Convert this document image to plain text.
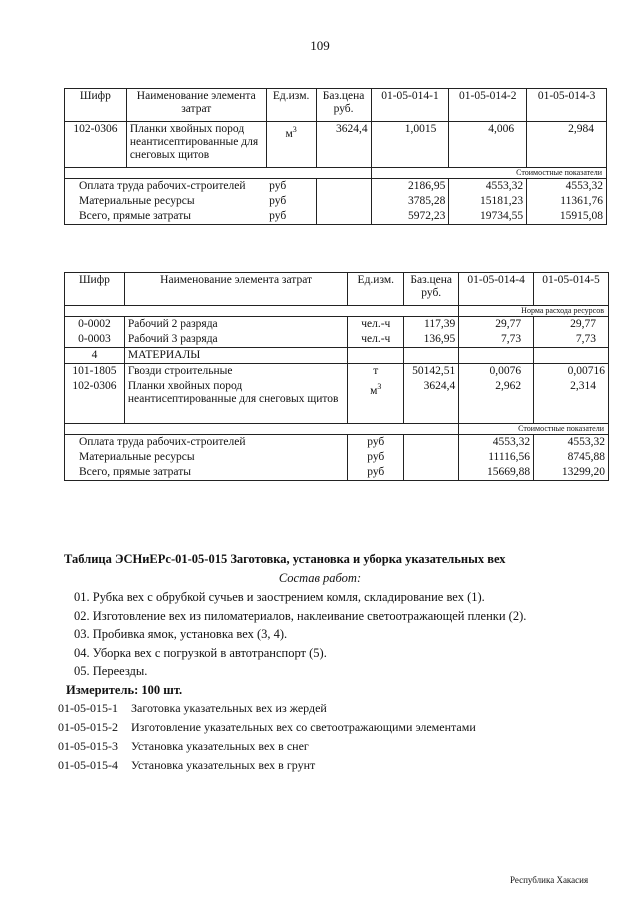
109
Шифр	Наименование элемента затрат	Ед.изм.	Баз.цена руб.	01-05-014-1	01-05-014-2	01-05-014-3
102-0306	Планки хвойных пород неантисептированные для снеговых щитов	$м^3$	3624,4	1,0015	4,006	2,984
				Стоимостные показатели		
Оплата труда рабочих-строителей		руб		2186,95	4553,32	4553,32
Материальные ресурсы		руб		3785,28	15181,23	11361,76
Всего, прямые затраты		руб		5972,23	19734,55	15915,08
Шифр	Наименование элемента затрат	Ед.изм.	Баз.цена руб.	01-05-014-4	01-05-014-5
				Норма расхода ресурсов	
0-0002	Рабочий 2 разряда	чел.-ч	117,39	29,77	29,77
0-0003	Рабочий 3 разряда	чел.-ч	136,95	7,73	7,73
4	МАТЕРИАЛЫ				
101-1805	Гвозди строительные	т	50142,51	0,0076	0,00716
102-0306	Планки хвойных пород неантисептированные для снеговых щитов	$м^3$	3624,4	2,962	2,314
				Стоимостные показатели	
Оплата труда рабочих-строителей		руб		4553,32	4553,32
Материальные ресурсы		руб		11116,56	8745,88
Всего, прямые затраты		руб		15669,88	13299,20
Таблица ЭСНиЕРс-01-05-015 Заготовка, установка и уборка указательных вех
Состав работ:
01. Рубка вех с обрубкой сучьев и заострением комля, складирование вех (1).
02. Изготовление вех из пиломатериалов, наклеивание светоотражающей пленки (2).
03. Пробивка ямок, установка вех (3, 4).
04. Уборка вех с погрузкой в автотранспорт (5).
05. Переезды.
Измеритель: 100 шт.
01-05-015-1 Заготовка указательных вех из жердей
01-05-015-2 Изготовление указательных вех со светоотражающими элементами
01-05-015-3 Установка указательных вех в снег
01-05-015-4 Установка указательных вех в грунт
Республика Хакасия
